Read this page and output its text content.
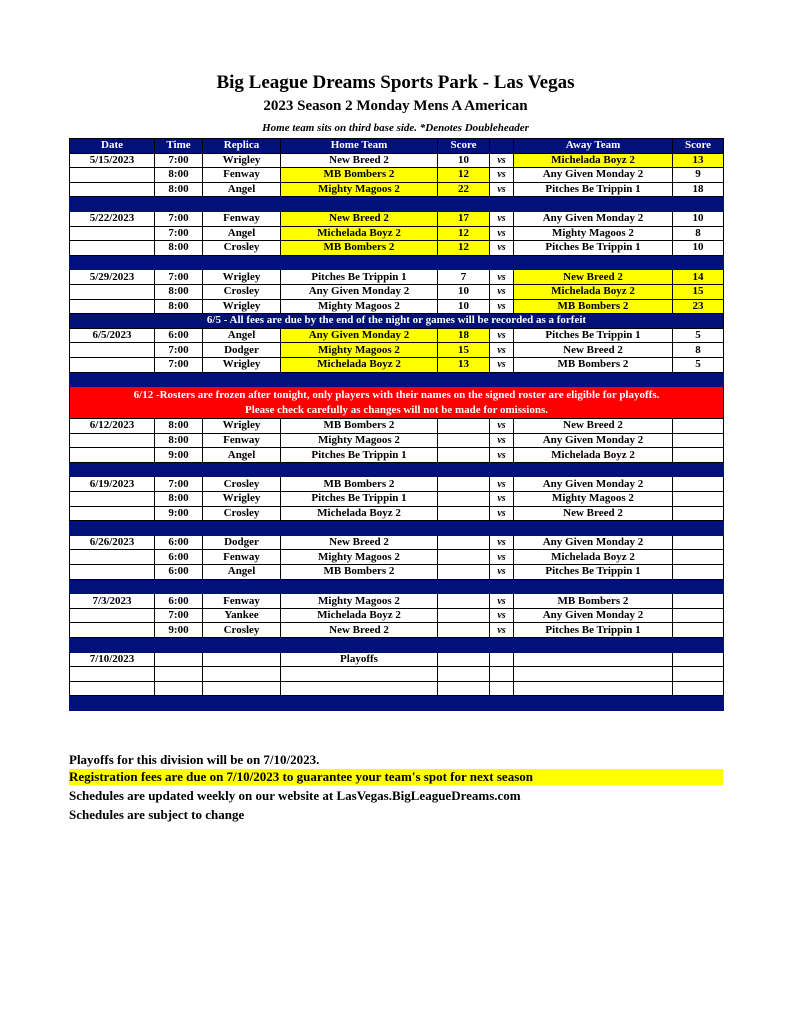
Big League Dreams Sports Park - Las Vegas
2023 Season 2 Monday Mens A American
Home team sits on third base side. *Denotes Doubleheader
Date	Time	Replica	Home Team	Score		Away Team	Score
5/15/2023	7:00	Wrigley	New Breed 2	10	vs	Michelada Boyz 2	13
	8:00	Fenway	MB Bombers 2	12	vs	Any Given Monday 2	9
	8:00	Angel	Mighty Magoos 2	22	vs	Pitches Be Trippin 1	18

5/22/2023	7:00	Fenway	New Breed 2	17	vs	Any Given Monday 2	10
	7:00	Angel	Michelada Boyz 2	12	vs	Mighty Magoos 2	8
	8:00	Crosley	MB Bombers 2	12	vs	Pitches Be Trippin 1	10

5/29/2023	7:00	Wrigley	Pitches Be Trippin 1	7	vs	New Breed 2	14
	8:00	Crosley	Any Given Monday 2	10	vs	Michelada Boyz 2	15
	8:00	Wrigley	Mighty Magoos 2	10	vs	MB Bombers 2	23
6/5 - All fees are due by the end of the night or games will be recorded as a forfeit							
6/5/2023	6:00	Angel	Any Given Monday 2	18	vs	Pitches Be Trippin 1	5
	7:00	Dodger	Mighty Magoos 2	15	vs	New Breed 2	8
	7:00	Wrigley	Michelada Boyz 2	13	vs	MB Bombers 2	5

6/12 -Rosters are frozen after tonight, only players with their names on the signed roster are eligible for playoffs.
Please check carefully as changes will not be made for omissions.							

6/12/2023	8:00	Wrigley	MB Bombers 2		vs	New Breed 2	
	8:00	Fenway	Mighty Magoos 2		vs	Any Given Monday 2	
	9:00	Angel	Pitches Be Trippin 1		vs	Michelada Boyz 2	

6/19/2023	7:00	Crosley	MB Bombers 2		vs	Any Given Monday 2	
	8:00	Wrigley	Pitches Be Trippin 1		vs	Mighty Magoos 2	
	9:00	Crosley	Michelada Boyz 2		vs	New Breed 2	

6/26/2023	6:00	Dodger	New Breed 2		vs	Any Given Monday 2	
	6:00	Fenway	Mighty Magoos 2		vs	Michelada Boyz 2	
	6:00	Angel	MB Bombers 2		vs	Pitches Be Trippin 1	

7/3/2023	6:00	Fenway	Mighty Magoos 2		vs	MB Bombers 2	
	7:00	Yankee	Michelada Boyz 2		vs	Any Given Monday 2	
	9:00	Crosley	New Breed 2		vs	Pitches Be Trippin 1	

7/10/2023			Playoffs				

Playoffs for this division will be on 7/10/2023.
Registration fees are due on 7/10/2023 to guarantee your team's spot for next season
Schedules are updated weekly on our website at LasVegas.BigLeagueDreams.com
Schedules are subject to change
